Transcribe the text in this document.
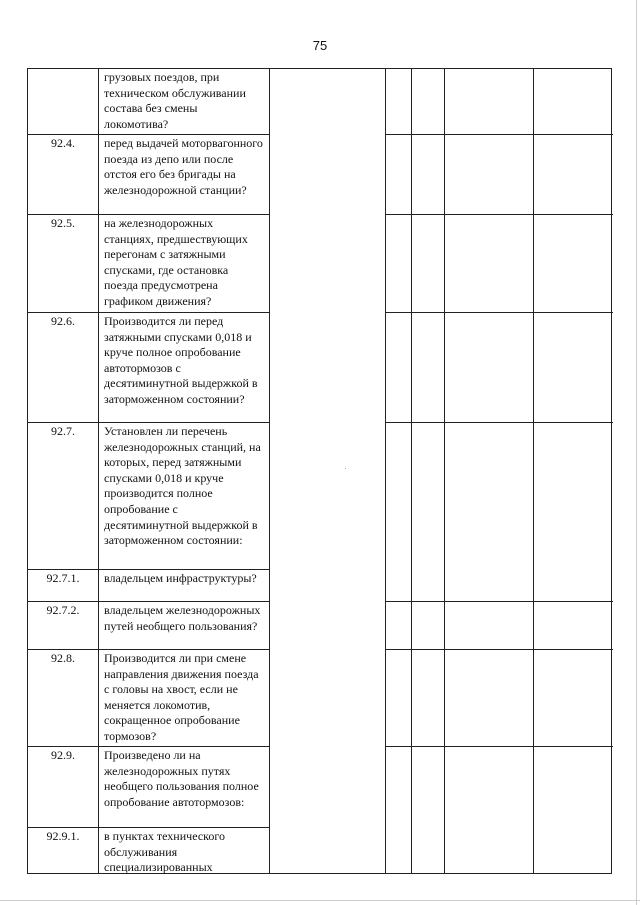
75
грузовых поездов, при техническом обслуживании состава без смены локомотива?
92.4.	перед выдачей моторвагонного поезда из депо или после отстоя его без бригады на железнодорожной станции?
92.5.	на железнодорожных станциях, предшествующих перегонам с затяжными спусками, где остановка поезда предусмотрена графиком движения?
92.6.	Производится ли перед затяжными спусками 0,018 и круче полное опробование автотормозов с десятиминутной выдержкой в заторможенном состоянии?
92.7.	Установлен ли перечень железнодорожных станций, на которых, перед затяжными спусками 0,018 и круче производится полное опробование с десятиминутной выдержкой в заторможенном состоянии:
92.7.1.	владельцем инфраструктуры?
92.7.2.	владельцем железнодорожных путей необщего пользования?
92.8.	Производится ли при смене направления движения поезда с головы на хвост, если не меняется локомотив, сокращенное опробование тормозов?
92.9.	Произведено ли на железнодорожных путях необщего пользования полное опробование автотормозов:
92.9.1.	в пунктах технического обслуживания специализированных
